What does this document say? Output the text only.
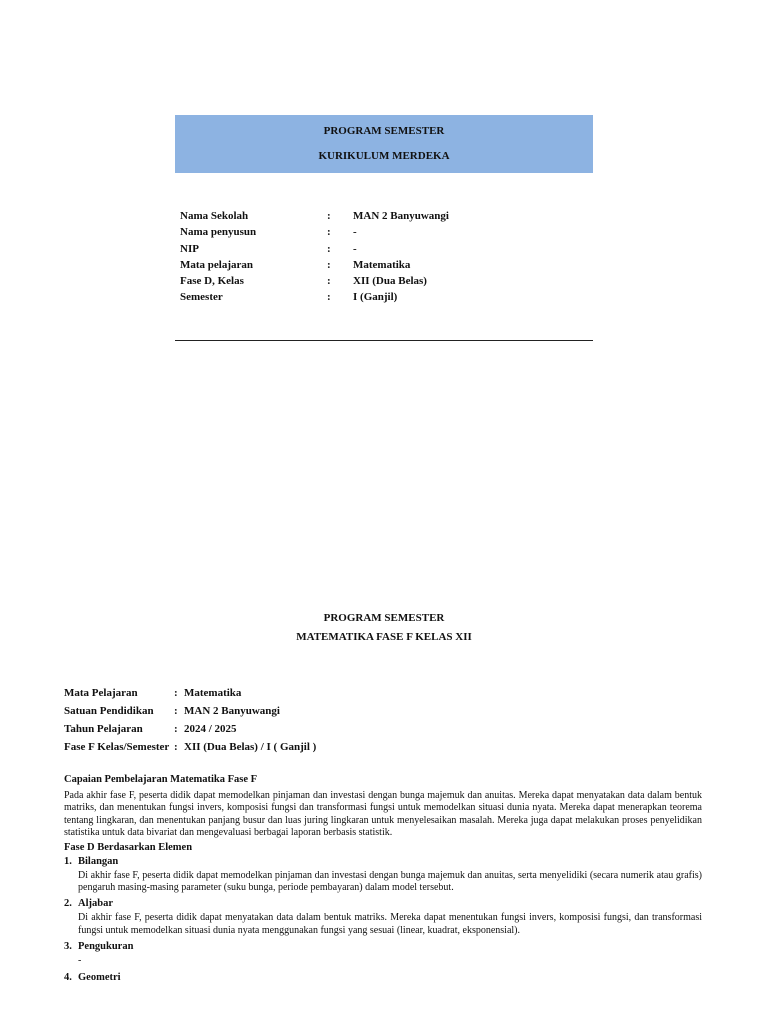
PROGRAM SEMESTER
KURIKULUM MERDEKA
Nama Sekolah	: MAN 2 Banyuwangi
Nama penyusun	: -
NIP	: -
Mata pelajaran	: Matematika
Fase D, Kelas	: XII (Dua Belas)
Semester	: I (Ganjil)
PROGRAM SEMESTER
MATEMATIKA FASE F KELAS XII
Mata Pelajaran	: Matematika
Satuan Pendidikan : MAN 2 Banyuwangi
Tahun Pelajaran	: 2024 / 2025
Fase F Kelas/Semester : XII (Dua Belas) / I ( Ganjil )
Capaian Pembelajaran Matematika Fase F

Pada akhir fase F, peserta didik dapat memodelkan pinjaman dan investasi dengan bunga majemuk dan anuitas. Mereka dapat menyatakan data dalam bentuk matriks, dan menentukan fungsi invers, komposisi fungsi dan transformasi fungsi untuk memodelkan situasi dunia nyata. Mereka dapat menerapkan teorema tentang lingkaran, dan menentukan panjang busur dan luas juring lingkaran untuk menyelesaikan masalah. Mereka juga dapat melakukan proses penyelidikan statistika untuk data bivariat dan mengevaluasi berbagai laporan berbasis statistik.

Fase D Berdasarkan Elemen
1. Bilangan
Di akhir fase F, peserta didik dapat memodelkan pinjaman dan investasi dengan bunga majemuk dan anuitas, serta menyelidiki (secara numerik atau grafis) pengaruh masing-masing parameter (suku bunga, periode pembayaran) dalam model tersebut.
2. Aljabar
Di akhir fase F, peserta didik dapat menyatakan data dalam bentuk matriks. Mereka dapat menentukan fungsi invers, komposisi fungsi, dan transformasi fungsi untuk memodelkan situasi dunia nyata menggunakan fungsi yang sesuai (linear, kuadrat, eksponensial).
3. Pengukuran
-
4. Geometri
